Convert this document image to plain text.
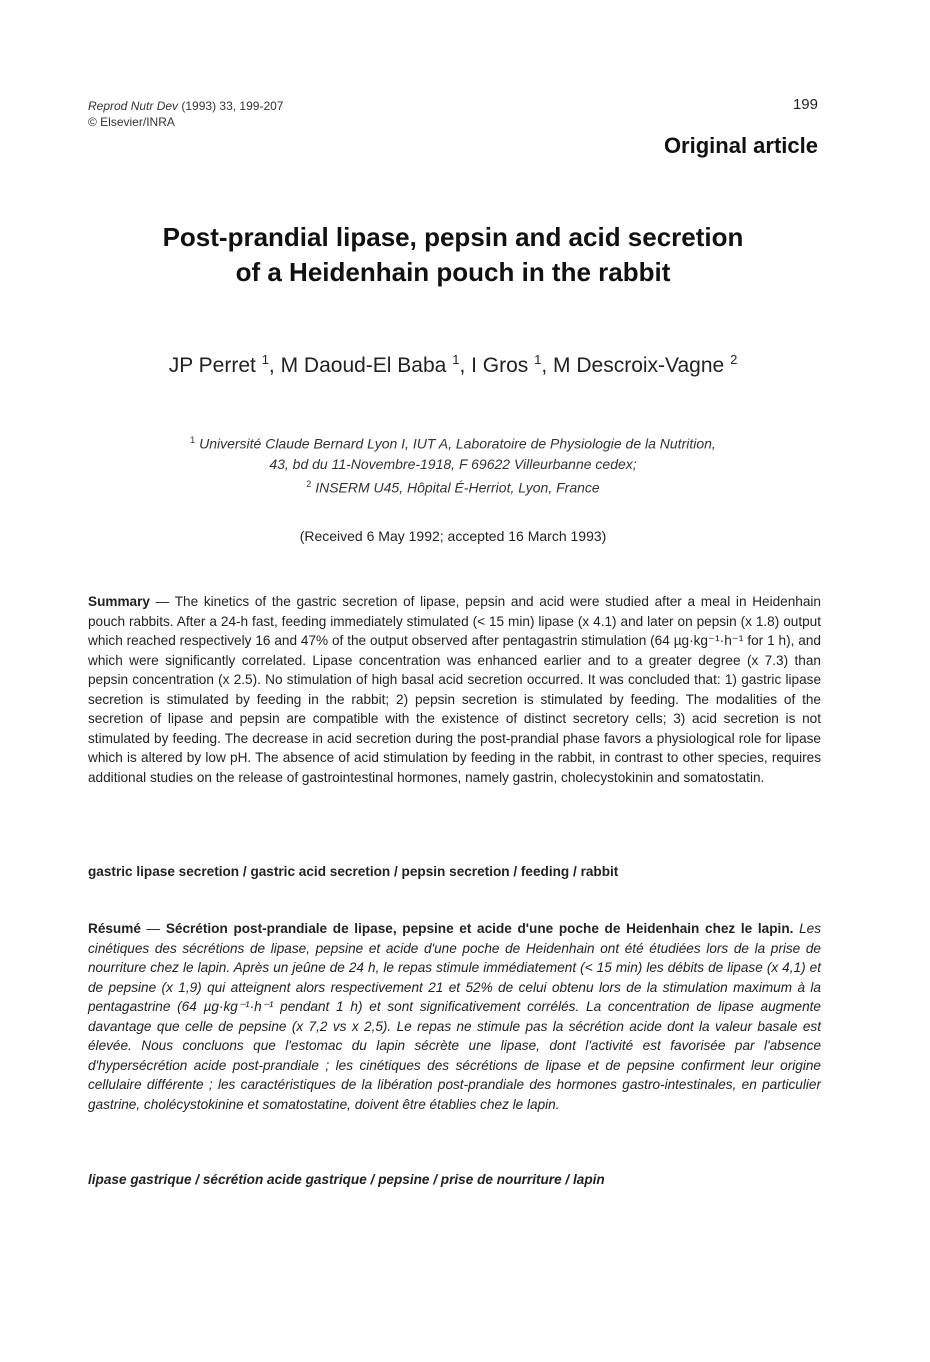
Reprod Nutr Dev (1993) 33, 199-207
© Elsevier/INRA
199
Original article
Post-prandial lipase, pepsin and acid secretion
of a Heidenhain pouch in the rabbit
JP Perret $^1$, M Daoud-El Baba $^1$, I Gros $^1$, M Descroix-Vagne $^2$
$^1$ Université Claude Bernard Lyon I, IUT A, Laboratoire de Physiologie de la Nutrition,
43, bd du 11-Novembre-1918, F 69622 Villeurbanne cedex;
$^2$ INSERM U45, Hôpital É-Herriot, Lyon, France
(Received 6 May 1992; accepted 16 March 1993)
Summary — The kinetics of the gastric secretion of lipase, pepsin and acid were studied after a meal in Heidenhain pouch rabbits. After a 24-h fast, feeding immediately stimulated (< 15 min) lipase (x 4.1) and later on pepsin (x 1.8) output which reached respectively 16 and 47% of the output observed after pentagastrin stimulation (64 µg·kg⁻¹·h⁻¹ for 1 h), and which were significantly correlated. Lipase concentration was enhanced earlier and to a greater degree (x 7.3) than pepsin concentration (x 2.5). No stimulation of high basal acid secretion occurred. It was concluded that: 1) gastric lipase secretion is stimulated by feeding in the rabbit; 2) pepsin secretion is stimulated by feeding. The modalities of the secretion of lipase and pepsin are compatible with the existence of distinct secretory cells; 3) acid secretion is not stimulated by feeding. The decrease in acid secretion during the post-prandial phase favors a physiological role for lipase which is altered by low pH. The absence of acid stimulation by feeding in the rabbit, in contrast to other species, requires additional studies on the release of gastrointestinal hormones, namely gastrin, cholecystokinin and somatostatin.
gastric lipase secretion / gastric acid secretion / pepsin secretion / feeding / rabbit
Résumé — Sécrétion post-prandiale de lipase, pepsine et acide d'une poche de Heidenhain chez le lapin. Les cinétiques des sécrétions de lipase, pepsine et acide d'une poche de Heidenhain ont été étudiées lors de la prise de nourriture chez le lapin. Après un jeûne de 24 h, le repas stimule immédiatement (< 15 min) les débits de lipase (x 4,1) et de pepsine (x 1,9) qui atteignent alors respectivement 21 et 52% de celui obtenu lors de la stimulation maximum à la pentagastrine (64 µg·kg⁻¹·h⁻¹ pendant 1 h) et sont significativement corrélés. La concentration de lipase augmente davantage que celle de pepsine (x 7,2 vs x 2,5). Le repas ne stimule pas la sécrétion acide dont la valeur basale est élevée. Nous concluons que l'estomac du lapin sécrète une lipase, dont l'activité est favorisée par l'absence d'hypersécrétion acide post-prandiale ; les cinétiques des sécrétions de lipase et de pepsine confirment leur origine cellulaire différente ; les caractéristiques de la libération post-prandiale des hormones gastro-intestinales, en particulier gastrine, cholécystokinine et somatostatine, doivent être établies chez le lapin.
lipase gastrique / sécrétion acide gastrique / pepsine / prise de nourriture / lapin
